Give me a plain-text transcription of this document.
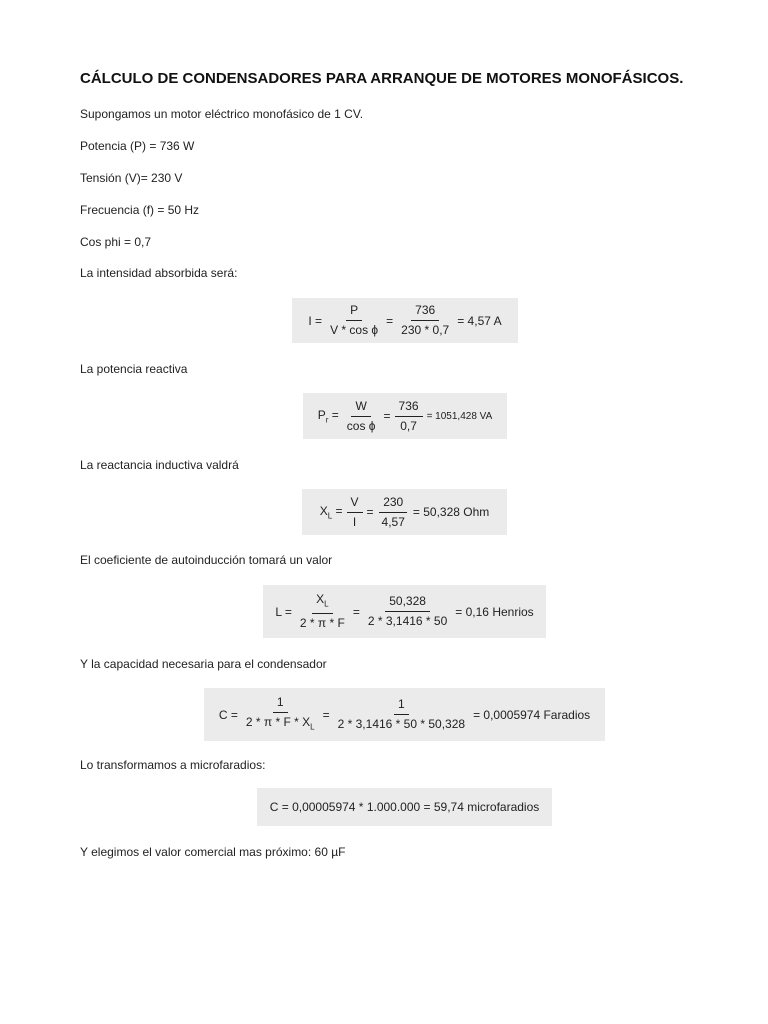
CÁLCULO DE CONDENSADORES PARA ARRANQUE DE MOTORES MONOFÁSICOS.
Supongamos un motor eléctrico monofásico de 1 CV.
Potencia (P) = 736 W
Tensión (V)= 230 V
Frecuencia (f) = 50 Hz
Cos phi = 0,7
La intensidad absorbida será:
$I = \frac{P}{\text{V * cos ϕ}} = \frac{736}{230 * 0,7} = 4,57$ A
La potencia reactiva
$P_r = \frac{W}{\text{cos ϕ}} = \frac{736}{0,7} = 1051,428$ VA
La reactancia inductiva valdrá
$X_L = \frac{V}{I} = \frac{230}{4,57} = 50,328$ Ohm
El coeficiente de autoinducción tomará un valor
$L = \frac{X_L}{2 * \pi * F} = \frac{50,328}{2 * 3,1416 * 50} = 0,16$ Henrios
Y la capacidad necesaria para el condensador
$C = \frac{1}{2 * \pi * F * X_L} = \frac{1}{2 * 3,1416 * 50 * 50,328} = 0,0005974$ Faradios
Lo transformamos a microfaradios:
C = 0,00005974 * 1.000.000 = 59,74 microfaradios
Y elegimos el valor comercial mas próximo: 60 µF
